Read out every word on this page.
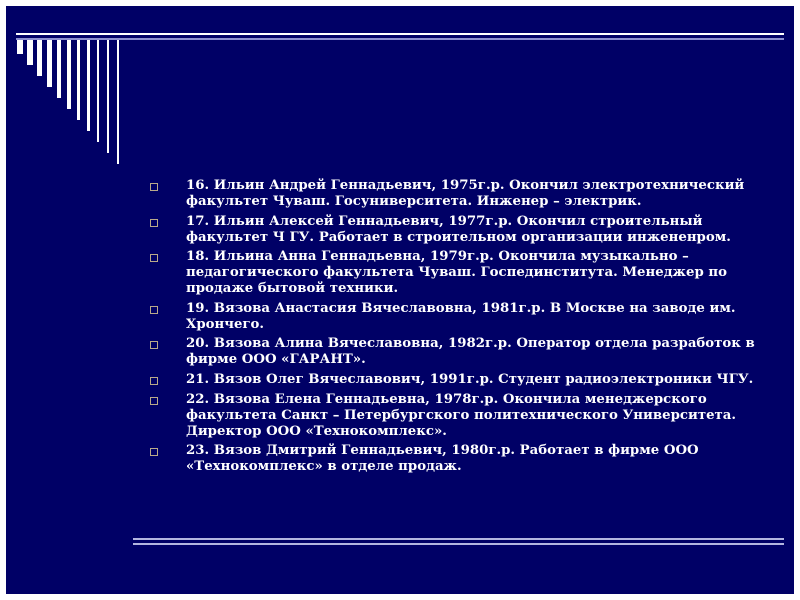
16. Ильин Андрей Геннадьевич, 1975г.р. Окончил электротехнический факультет Чуваш. Госуниверситета. Инженер – электрик.
17. Ильин Алексей Геннадьевич, 1977г.р. Окончил строительный факультет Ч ГУ. Работает в строительном организации инжененром.
18. Ильина Анна Геннадьевна, 1979г.р. Окончила музыкально – педагогического факультета Чуваш. Госпединститута. Менеджер по продаже бытовой техники.
19. Вязова Анастасия Вячеславовна, 1981г.р. В Москве на заводе им. Хрончего.
20. Вязова Алина Вячеславовна, 1982г.р. Оператор отдела разработок в фирме ООО «ГАРАНТ».
21. Вязов Олег Вячеславович, 1991г.р. Студент радиоэлектроники ЧГУ.
22. Вязова Елена Геннадьевна, 1978г.р. Окончила менеджерского факультета Санкт – Петербургского политехнического Университета. Директор ООО «Технокомплекс».
23. Вязов Дмитрий Геннадьевич, 1980г.р. Работает в фирме ООО «Технокомплекс» в отделе продаж.
